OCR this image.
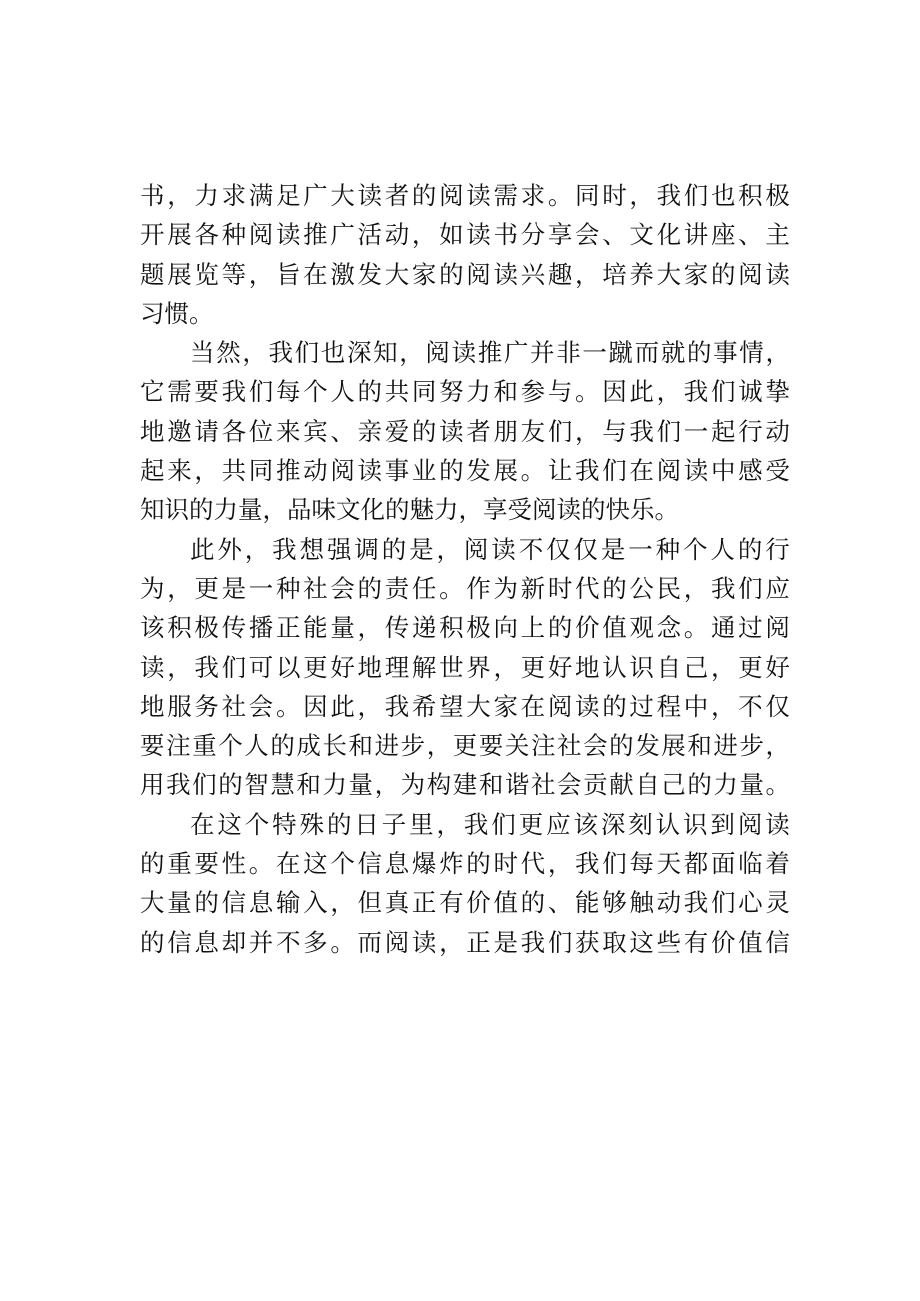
书 ， 力 求 满 足 广 大 读 者 的 阅 读 需 求 。 同 时 ， 我 们 也 积 极
开 展 各 种 阅 读 推 广 活 动 ， 如 读 书 分 享 会 、 文 化 讲 座 、 主
题 展 览 等 ， 旨 在 激 发 大 家 的 阅 读 兴 趣 ， 培 养 大 家 的 阅 读
习惯。
当 然 ， 我 们 也 深 知 ， 阅 读 推 广 并 非 一 蹴 而 就 的 事 情 ，
它 需 要 我 们 每 个 人 的 共 同 努 力 和 参 与 。 因 此 ， 我 们 诚 挚
地 邀 请 各 位 来 宾 、 亲 爱 的 读 者 朋 友 们 ， 与 我 们 一 起 行 动
起 来 ， 共 同 推 动 阅 读 事 业 的 发 展 。 让 我 们 在 阅 读 中 感 受
知识的力量，品味文化的魅力，享受阅读的快乐。
此 外 ， 我 想 强 调 的 是 ， 阅 读 不 仅 仅 是 一 种 个 人 的 行
为 ， 更 是 一 种 社 会 的 责 任 。 作 为 新 时 代 的 公 民 ， 我 们 应
该 积 极 传 播 正 能 量 ， 传 递 积 极 向 上 的 价 值 观 念 。 通 过 阅
读 ， 我 们 可 以 更 好 地 理 解 世 界 ， 更 好 地 认 识 自 己 ， 更 好
地 服 务 社 会 。 因 此 ， 我 希 望 大 家 在 阅 读 的 过 程 中 ， 不 仅
要 注 重 个 人 的 成 长 和 进 步 ， 更 要 关 注 社 会 的 发 展 和 进 步 ，
用 我 们 的 智 慧 和 力 量 ， 为 构 建 和 谐 社 会 贡 献 自 己 的 力 量 。
在 这 个 特 殊 的 日 子 里 ， 我 们 更 应 该 深 刻 认 识 到 阅 读
的 重 要 性 。 在 这 个 信 息 爆 炸 的 时 代 ， 我 们 每 天 都 面 临 着
大 量 的 信 息 输 入 ， 但 真 正 有 价 值 的 、 能 够 触 动 我 们 心 灵
的 信 息 却 并 不 多 。 而 阅 读 ， 正 是 我 们 获 取 这 些 有 价 值 信
